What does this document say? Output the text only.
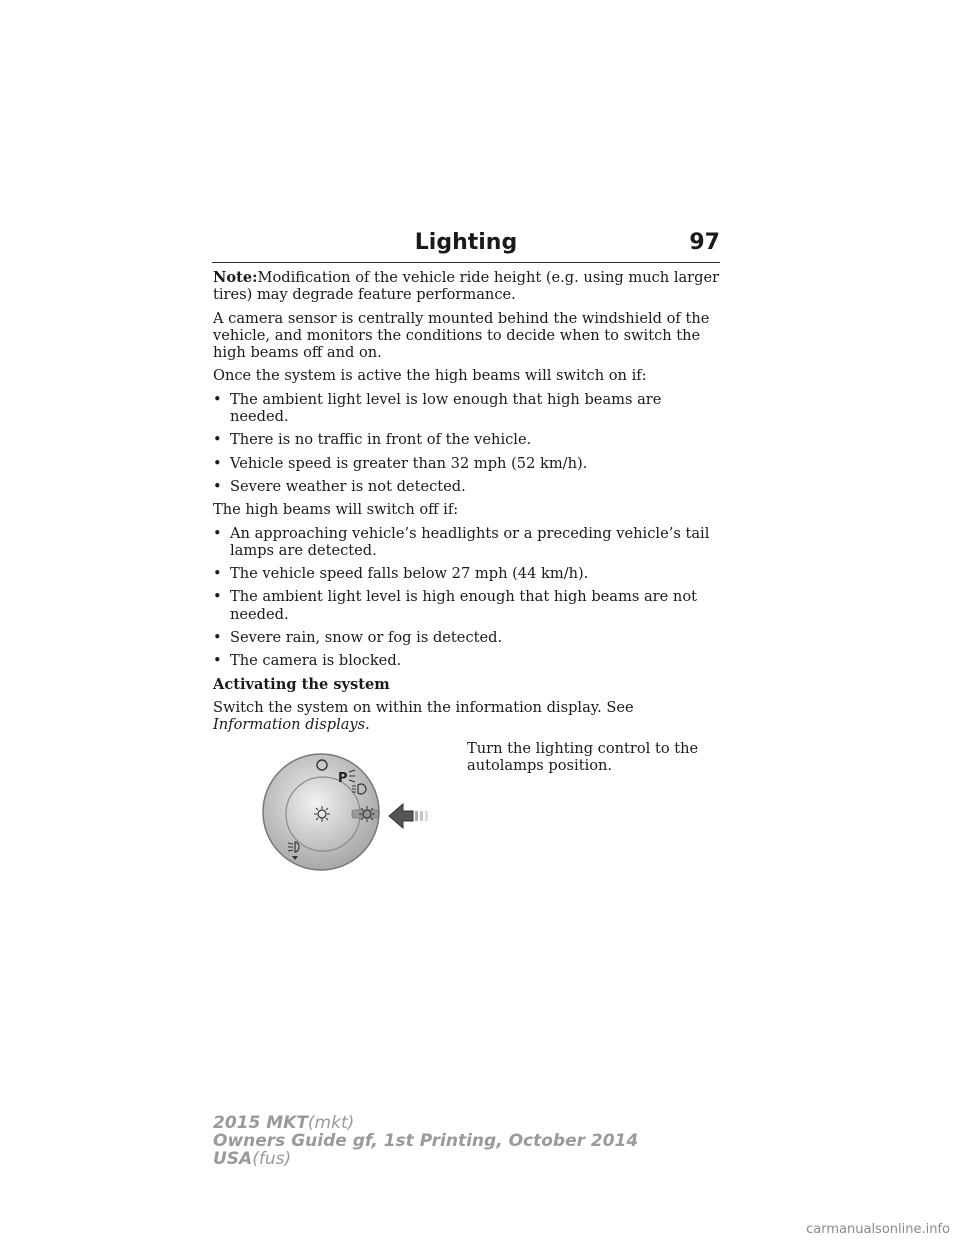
Lighting	97

Note:Modification of the vehicle ride height (e.g. using much larger tires) may degrade feature performance.

A camera sensor is centrally mounted behind the windshield of the vehicle, and monitors the conditions to decide when to switch the high beams off and on.

Once the system is active the high beams will switch on if:

• The ambient light level is low enough that high beams are needed.
• There is no traffic in front of the vehicle.
• Vehicle speed is greater than 32 mph (52 km/h).
• Severe weather is not detected.

The high beams will switch off if:

• An approaching vehicle’s headlights or a preceding vehicle’s tail lamps are detected.
• The vehicle speed falls below 27 mph (44 km/h).
• The ambient light level is high enough that high beams are not needed.
• Severe rain, snow or fog is detected.
• The camera is blocked.

Activating the system

Switch the system on within the information display. See Information displays.

P
Turn the lighting control to the autolamps position.
2015 MKT(mkt)
Owners Guide gf, 1st Printing, October 2014
USA(fus)
carmanualsonline.info
